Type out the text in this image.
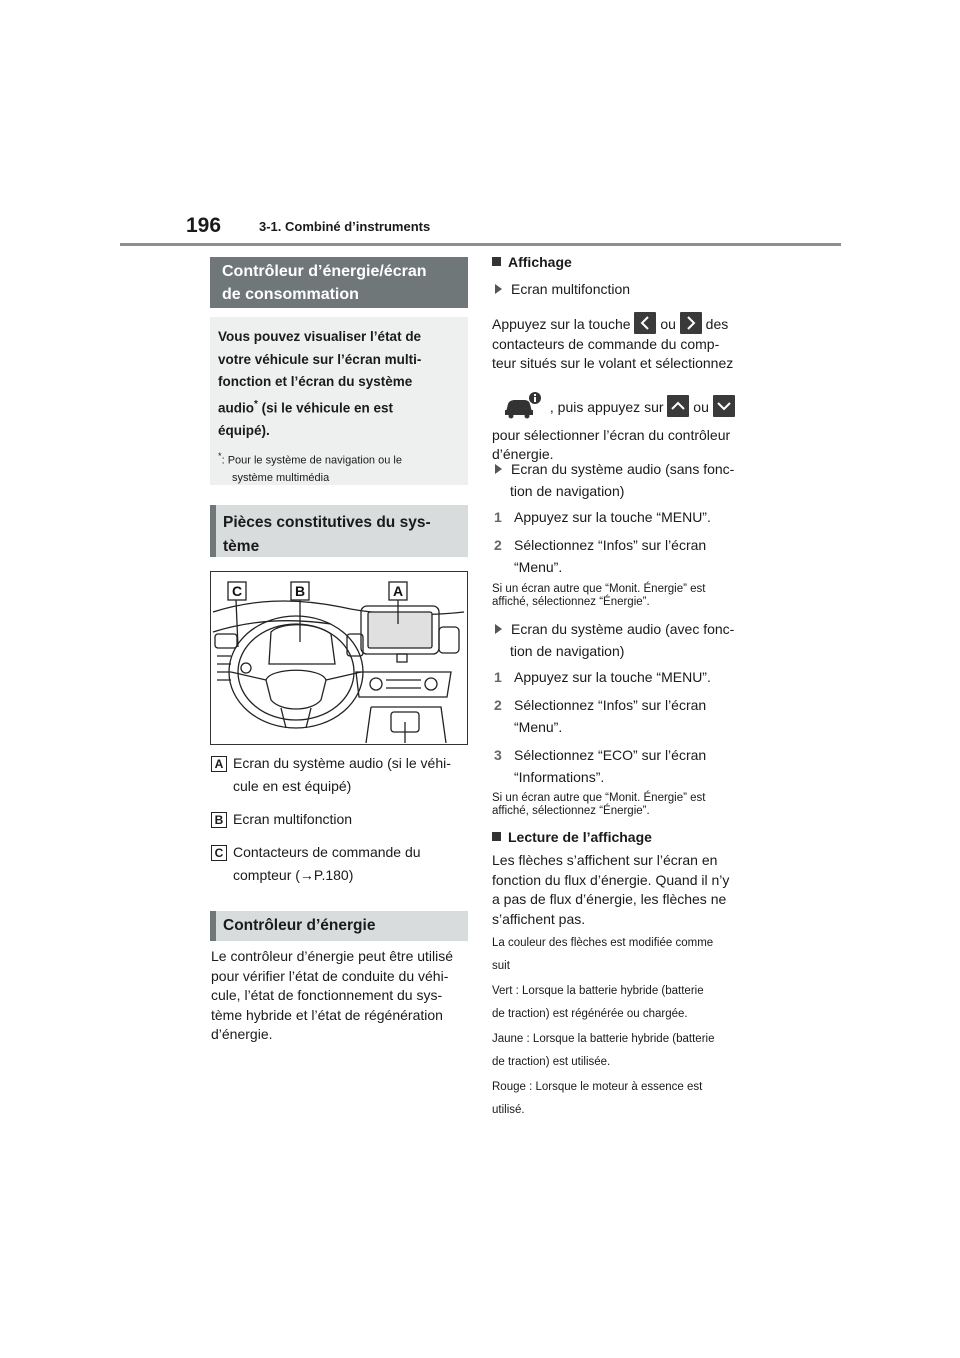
196	3-1. Combiné d’instruments
Contrôleur d’énergie/écran
de consommation
Vous pouvez visualiser l’état de
votre véhicule sur l’écran multi-
fonction et l’écran du système
audio* (si le véhicule en est
équipé).
*: Pour le système de navigation ou le
système multimédia
Pièces constitutives du sys-
tème
C	B	A
A Ecran du système audio (si le véhi-
cule en est équipé)
B Ecran multifonction
C Contacteurs de commande du
compteur (→P.180)
Contrôleur d’énergie
Le contrôleur d’énergie peut être utilisé
pour vérifier l’état de conduite du véhi-
cule, l’état de fonctionnement du sys-
tème hybride et l’état de régénération
d’énergie.
Affichage
Ecran multifonction
Appuyez sur la touche ou des
contacteurs de commande du comp-
teur situés sur le volant et sélectionnez
, puis appuyez sur ou
pour sélectionner l’écran du contrôleur
d’énergie.
Ecran du système audio (sans fonc-
tion de navigation)
1 Appuyez sur la touche “MENU”.
2 Sélectionnez “Infos” sur l’écran
“Menu”.
Si un écran autre que “Monit. Énergie” est
affiché, sélectionnez “Énergie”.
Ecran du système audio (avec fonc-
tion de navigation)
1 Appuyez sur la touche “MENU”.
2 Sélectionnez “Infos” sur l’écran
“Menu”.
3 Sélectionnez “ECO” sur l’écran
“Informations”.
Si un écran autre que “Monit. Énergie” est
affiché, sélectionnez “Énergie”.
Lecture de l’affichage
Les flèches s’affichent sur l’écran en
fonction du flux d’énergie. Quand il n’y
a pas de flux d’énergie, les flèches ne
s’affichent pas.
La couleur des flèches est modifiée comme
suit
Vert : Lorsque la batterie hybride (batterie
de traction) est régénérée ou chargée.
Jaune : Lorsque la batterie hybride (batterie
de traction) est utilisée.
Rouge : Lorsque le moteur à essence est
utilisé.
